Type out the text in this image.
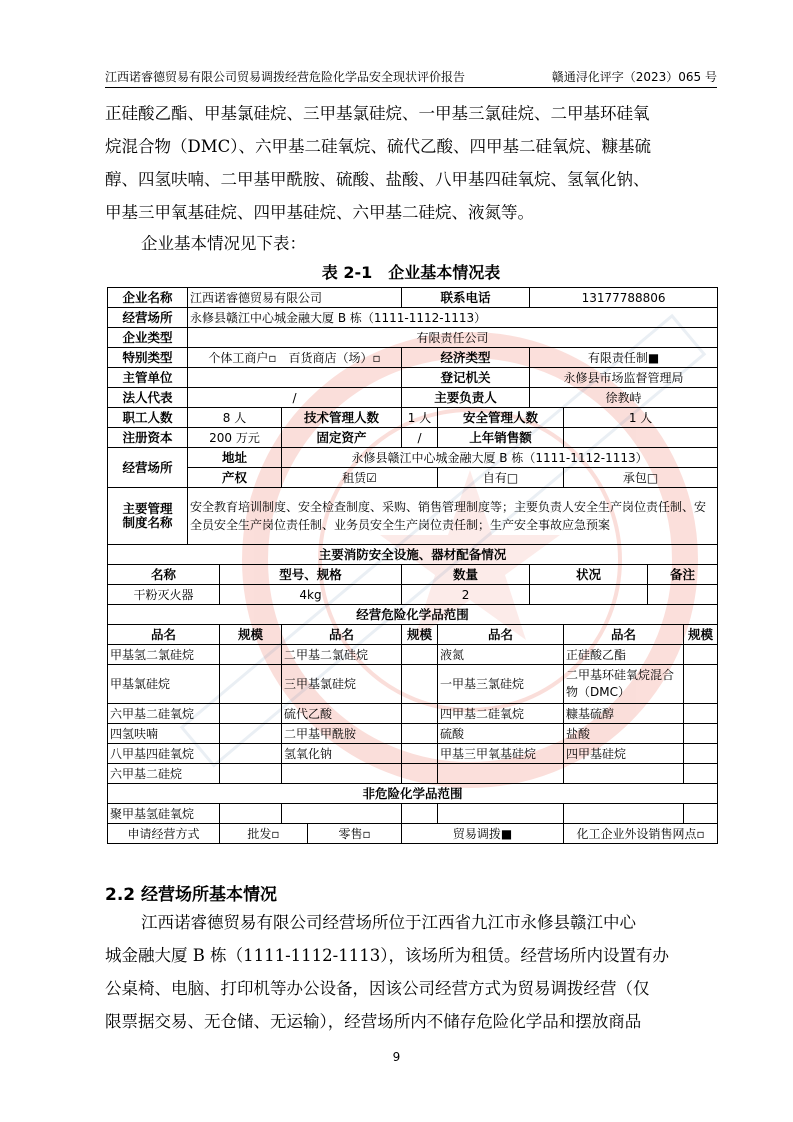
江西诺睿德贸易有限公司贸易调拨经营危险化学品安全现状评价报告	赣通浔化评字（2023）065 号
正硅酸乙酯、甲基氯硅烷、三甲基氯硅烷、一甲基三氯硅烷、二甲基环硅氧
烷混合物（DMC）、六甲基二硅氧烷、硫代乙酸、四甲基二硅氧烷、糠基硫
醇、四氢呋喃、二甲基甲酰胺、硫酸、盐酸、八甲基四硅氧烷、氢氧化钠、
甲基三甲氧基硅烷、四甲基硅烷、六甲基二硅烷、液氮等。
企业基本情况见下表：
表 2-1　企业基本情况表
企业名称	江西诺睿德贸易有限公司				联系电话		13177788806			
经营场所	永修县赣江中心城金融大厦 B 栋（1111-1112-1113）									
企业类型	有限责任公司									
特别类型	个体工商户▫　百货商店（场）▫				经济类型		有限责任制■			
主管单位					登记机关		永修县市场监督管理局			
法人代表	/				主要负责人		徐教峙			
职工人数	8 人		技术管理人数		1 人	安全管理人数		1 人		
注册资本	200 万元		固定资产		/	上年销售额				
经营场所	地址		永修县赣江中心城金融大厦 B 栋（1111-1112-1113）							
	产权		租赁☑			自有□		承包□		
主要管理
制度名称	安全教育培训制度、安全检查制度、采购、销售管理制度等；主要负责人安全生产岗位责任制、安全员安全生产岗位责任制、业务员安全生产岗位责任制；生产安全事故应急预案									
主要消防安全设施、器材配备情况										
名称		型号、规格			数量		状况		备注	
干粉灭火器		4kg			2					
经营危险化学品范围										
品名		规模	品名		规模	品名		品名		规模
甲基氢二氯硅烷			二甲基二氯硅烷			液氮		正硅酸乙酯		
甲基氯硅烷			三甲基氯硅烷			一甲基三氯硅烷		二甲基环硅氧烷混合物（DMC）		
六甲基二硅氧烷			硫代乙酸			四甲基二硅氧烷		糠基硫醇		
四氢呋喃			二甲基甲酰胺			硫酸		盐酸		
八甲基四硅氧烷			氢氧化钠			甲基三甲氧基硅烷		四甲基硅烷		
六甲基二硅烷										
非危险化学品范围										
聚甲基氢硅氧烷										
申请经营方式		批发▫		零售▫	贸易调拨■			化工企业外设销售网点▫		
2.2 经营场所基本情况
江西诺睿德贸易有限公司经营场所位于江西省九江市永修县赣江中心
城金融大厦 B 栋（1111-1112-1113），该场所为租赁。经营场所内设置有办
公桌椅、电脑、打印机等办公设备，因该公司经营方式为贸易调拨经营（仅
限票据交易、无仓储、无运输），经营场所内不储存危险化学品和摆放商品
9
